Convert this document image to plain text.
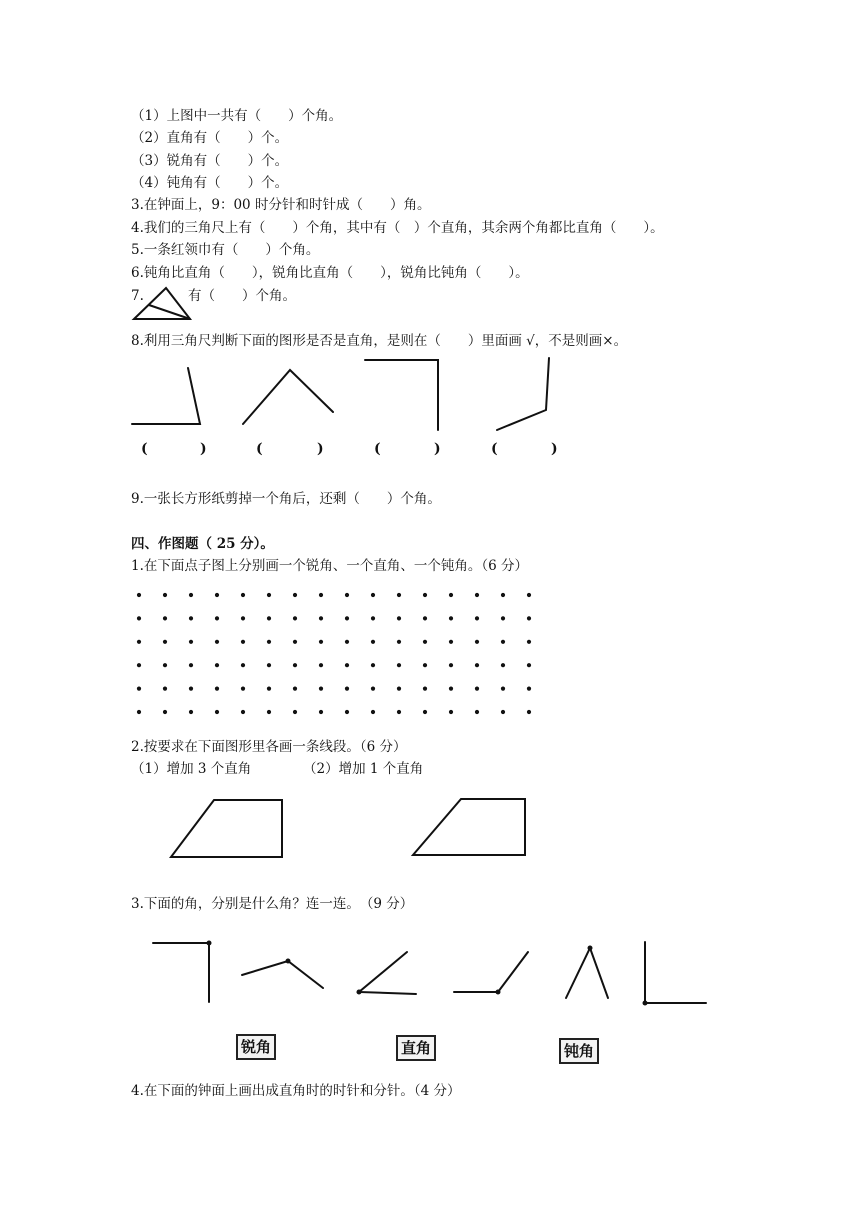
（1）上图中一共有（　　）个角。
（2）直角有（　　）个。
（3）锐角有（　　）个。
（4）钝角有（　　）个。
3.在钟面上，9：00 时分针和时针成（　　）角。
4.我们的三角尺上有（　　）个角，其中有（　）个直角，其余两个角都比直角（　　）。
5.一条红领巾有（　　）个角。
6.钝角比直角（　　），锐角比直角（　　），锐角比钝角（　　）。
7.	有（　　）个角。
8.利用三角尺判断下面的图形是否是直角，是则在（　　）里面画 √，不是则画×。
(	)	(	)	(	)	(	)
9.一张长方形纸剪掉一个角后，还剩（　　）个角。
四、作图题（ 25 分）。
1.在下面点子图上分别画一个锐角、一个直角、一个钝角。（6 分）
2.按要求在下面图形里各画一条线段。（6 分）
（1）增加 3 个直角	（2）增加 1 个直角
3.下面的角，分别是什么角？连一连。　（9 分）
锐角	直角	钝角
4.在下面的钟面上画出成直角时的时针和分针。（4 分）
